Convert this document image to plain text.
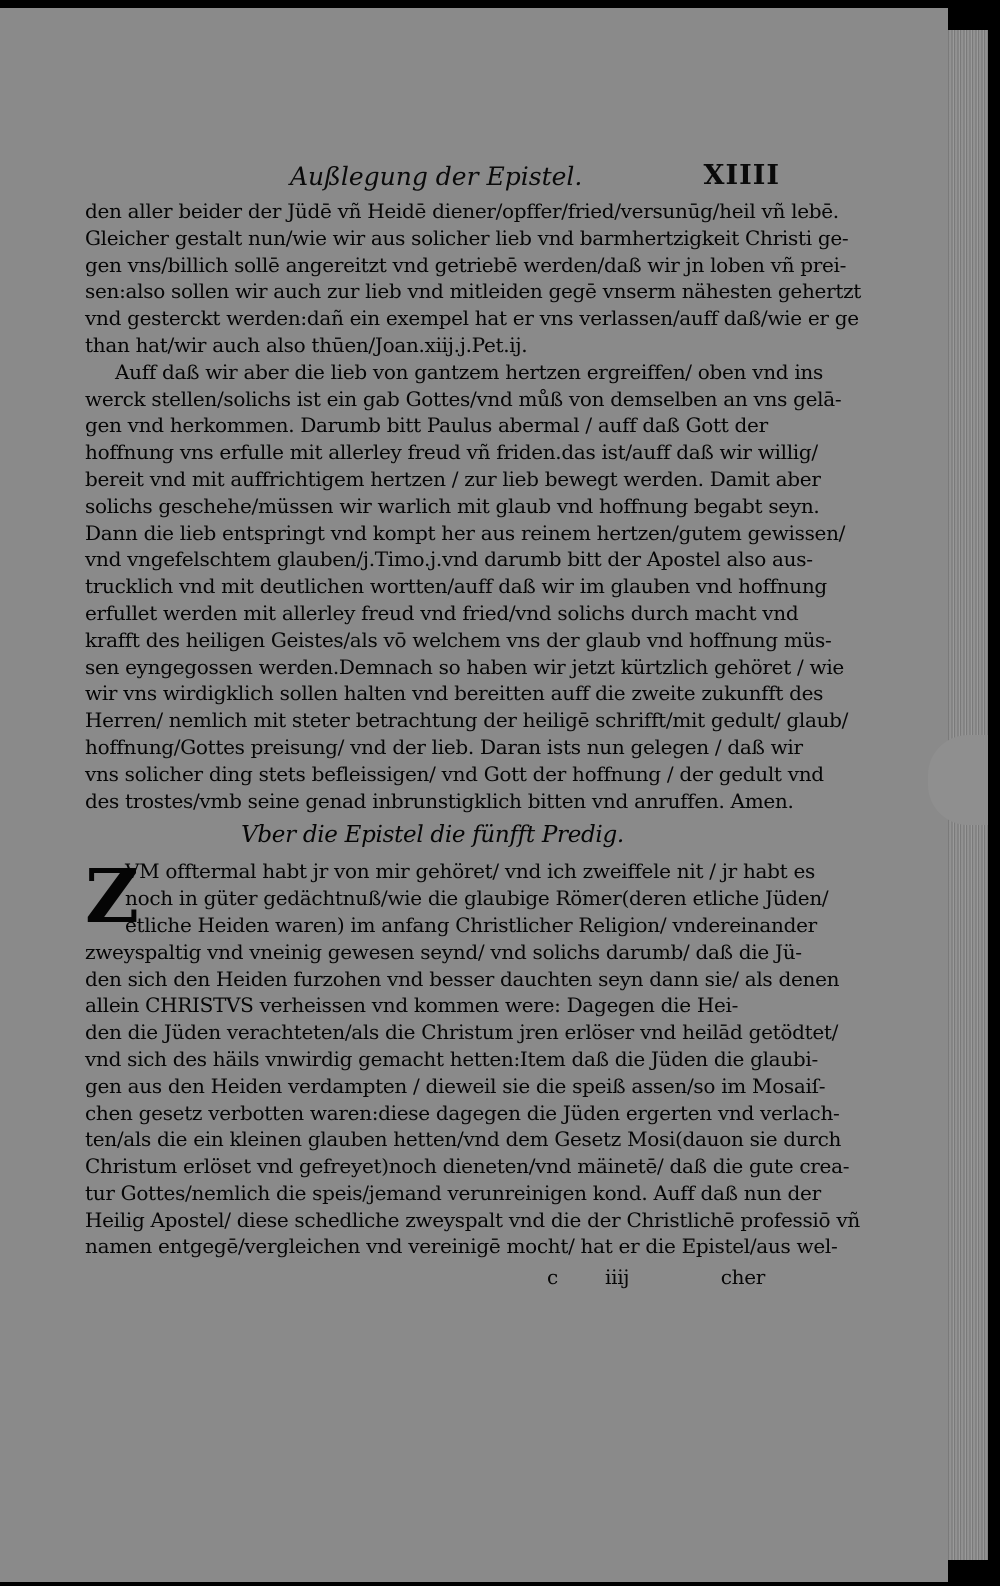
Außlegung der Epistel.	XIIII
den aller beider der Jüdē vñ Heidē diener/opffer/fried/versunūg/heil vñ lebē.
Gleicher gestalt nun/wie wir aus solicher lieb vnd barmhertzigkeit Christi ge-
gen vns/billich sollē angereitzt vnd getriebē werden/daß wir jn loben vñ prei-
sen:also sollen wir auch zur lieb vnd mitleiden gegē vnserm nähesten gehertzt
vnd gesterckt werden:dañ ein exempel hat er vns verlassen/auff daß/wie er ge
than hat/wir auch also thūen/Joan.xiij.j.Pet.ij.
Auff daß wir aber die lieb von gantzem hertzen ergreiffen/ oben vnd ins
werck stellen/solichs ist ein gab Gottes/vnd můß von demselben an vns gelā-
gen vnd herkommen. Darumb bitt Paulus abermal / auff daß Gott der
hoffnung vns erfulle mit allerley freud vñ friden.das ist/auff daß wir willig/
bereit vnd mit auffrichtigem hertzen / zur lieb bewegt werden. Damit aber
solichs geschehe/müssen wir warlich mit glaub vnd hoffnung begabt seyn.
Dann die lieb entspringt vnd kompt her aus reinem hertzen/gutem gewissen/
vnd vngefelschtem glauben/j.Timo.j.vnd darumb bitt der Apostel also aus-
trucklich vnd mit deutlichen wortten/auff daß wir im glauben vnd hoffnung
erfullet werden mit allerley freud vnd fried/vnd solichs durch macht vnd
krafft des heiligen Geistes/als vō welchem vns der glaub vnd hoffnung müs-
sen eyngegossen werden.Demnach so haben wir jetzt kürtzlich gehöret / wie
wir vns wirdigklich sollen halten vnd bereitten auff die zweite zukunfft des
Herren/ nemlich mit steter betrachtung der heiligē schrifft/mit gedult/ glaub/
hoffnung/Gottes preisung/ vnd der lieb. Daran ists nun gelegen / daß wir
vns solicher ding stets befleissigen/ vnd Gott der hoffnung / der gedult vnd
des trostes/vmb seine genad inbrunstigklich bitten vnd anruffen. Amen.
Vber die Epistel die fünfft Predig.
Z
VM offtermal habt jr von mir gehöret/ vnd ich zweiffele nit / jr habt es
noch in güter gedächtnuß/wie die glaubige Römer(deren etliche Jüden/
etliche Heiden waren) im anfang Christlicher Religion/ vndereinander
zweyspaltig vnd vneinig gewesen seynd/ vnd solichs darumb/ daß die Jü-
den sich den Heiden furzohen vnd besser dauchten seyn dann sie/ als denen
allein CHRISTVS verheissen vnd kommen were: Dagegen die Hei-
den die Jüden verachteten/als die Christum jren erlöser vnd heilād getödtet/
vnd sich des häils vnwirdig gemacht hetten:Item daß die Jüden die glaubi-
gen aus den Heiden verdampten / dieweil sie die speiß assen/so im Mosaiſ-
chen gesetz verbotten waren:diese dagegen die Jüden ergerten vnd verlach-
ten/als die ein kleinen glauben hetten/vnd dem Gesetz Mosi(dauon sie durch
Christum erlöset vnd gefreyet)noch dieneten/vnd mäinetē/ daß die gute crea-
tur Gottes/nemlich die speis/jemand verunreinigen kond. Auff daß nun der
Heilig Apostel/ diese schedliche zweyspalt vnd die der Christlichē professiō vñ
namen entgegē/vergleichen vnd vereinigē mocht/ hat er die Epistel/aus wel-
c iiij	cher
